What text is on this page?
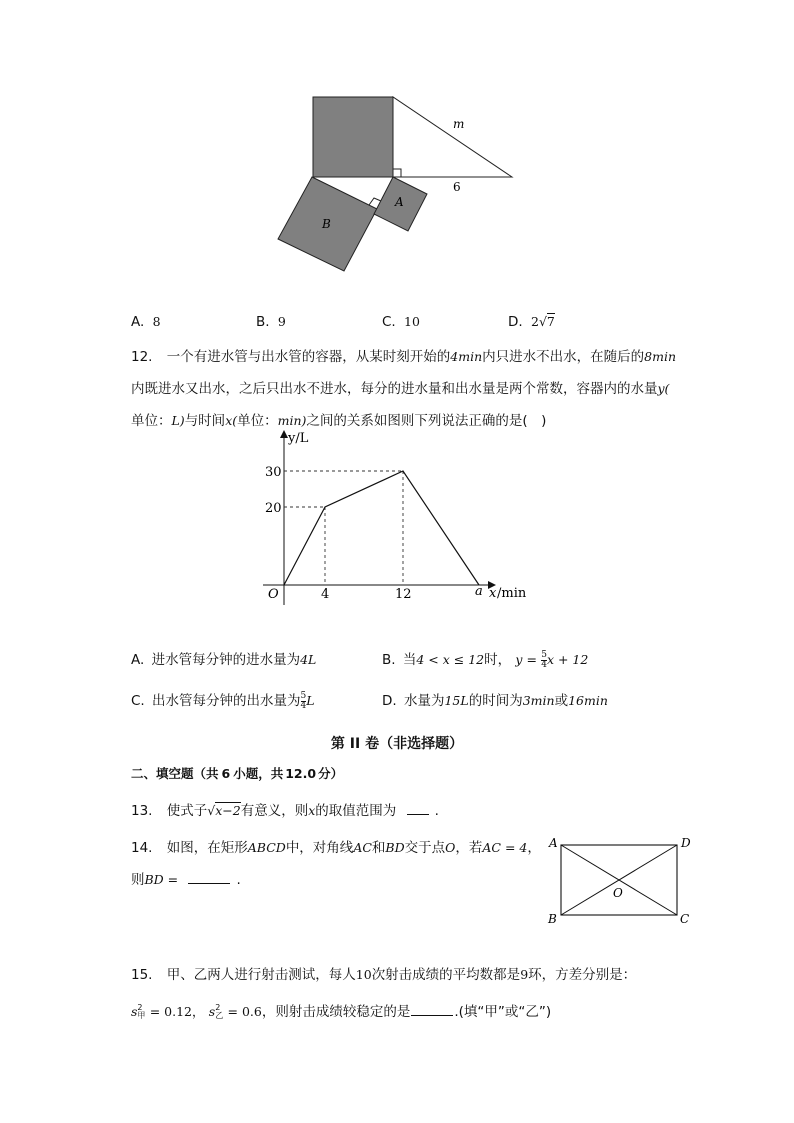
m
6
A
B
A. 8	B. 9	C. 10	D. 2√7
12. 一个有进水管与出水管的容器，从某时刻开始的4min内只进水不出水，在随后的8min
内既进水又出水，之后只出水不进水，每分的进水量和出水量是两个常数，容器内的水量y(
单位：L)与时间x(单位：min)之间的关系如图则下列说法正确的是(　)
y/L
30
20
O	4	12	a x /min
A. 进水管每分钟的进水量为4L	B. 当4 < x ≤ 12时， $y = \frac{5}{4}$ x + 12
C. 出水管每分钟的出水量为 $\frac{5}{4}$ L	D. 水量为15L的时间为3min或16min
第 II 卷（非选择题）
二、填空题（共 6 小题，共 12.0 分）
13. 使式子√x−2有意义，则x的取值范围为	.
14. 如图，在矩形ABCD中，对角线AC和BD交于点O，若AC = 4，
则BD =	.
A	D
B	C
O
15. 甲、乙两人进行射击测试，每人10次射击成绩的平均数都是9环，方差分别是：
s 2
甲 = 0.12， s 2
乙 = 0.6，则射击成绩较稳定的是	.(填“甲”或“乙”)
